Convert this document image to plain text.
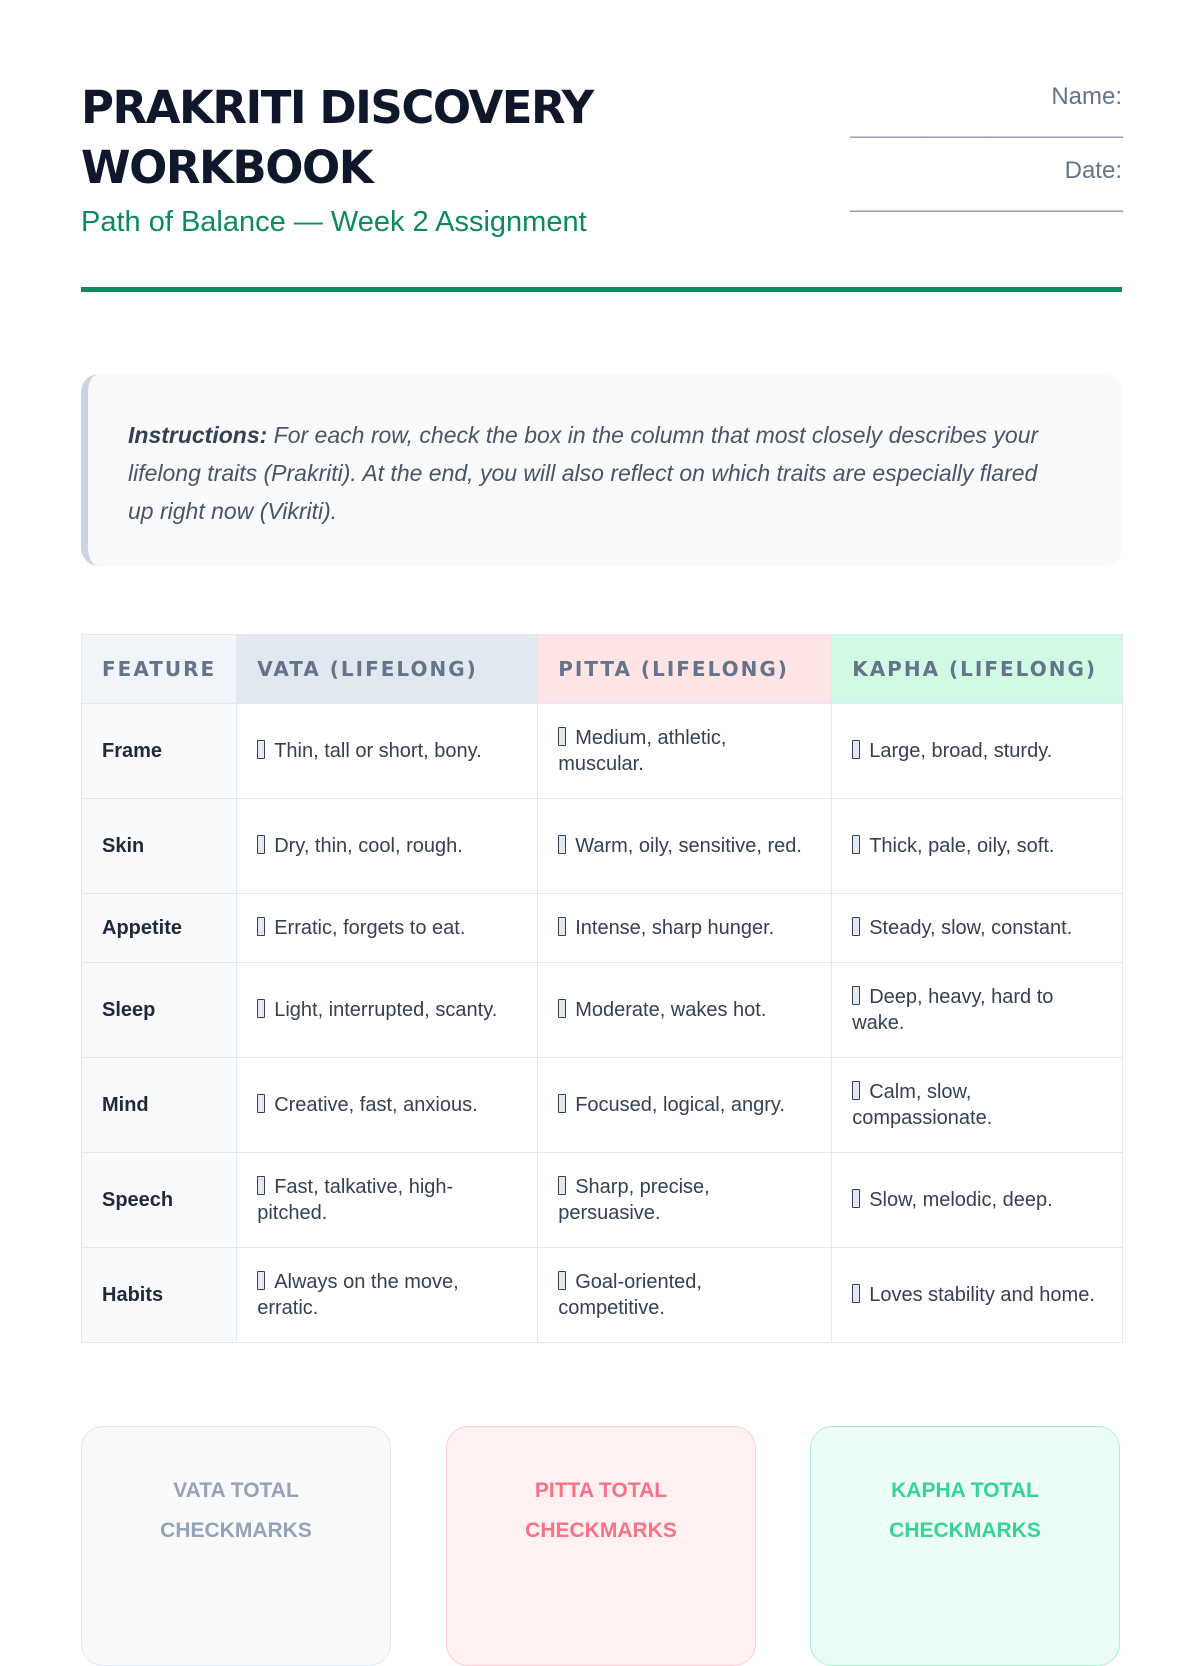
PRAKRITI DISCOVERY WORKBOOK
Path of Balance — Week 2 Assignment
Name:
______________________
Date:
______________________
Instructions: For each row, check the box in the column that most closely describes your lifelong traits (Prakriti). At the end, you will also reflect on which traits are especially flared up right now (Vikriti).
FEATURE	VATA (LIFELONG)	PITTA (LIFELONG)	KAPHA (LIFELONG)
Frame	Thin, tall or short, bony.	Medium, athletic, muscular.	Large, broad, sturdy.
Skin	Dry, thin, cool, rough.	Warm, oily, sensitive, red.	Thick, pale, oily, soft.
Appetite	Erratic, forgets to eat.	Intense, sharp hunger.	Steady, slow, constant.
Sleep	Light, interrupted, scanty.	Moderate, wakes hot.	Deep, heavy, hard to wake.
Mind	Creative, fast, anxious.	Focused, logical, angry.	Calm, slow, compassionate.
Speech	Fast, talkative, high-pitched.	Sharp, precise, persuasive.	Slow, melodic, deep.
Habits	Always on the move, erratic.	Goal-oriented, competitive.	Loves stability and home.
VATA TOTAL CHECKMARKS
PITTA TOTAL CHECKMARKS
KAPHA TOTAL CHECKMARKS
